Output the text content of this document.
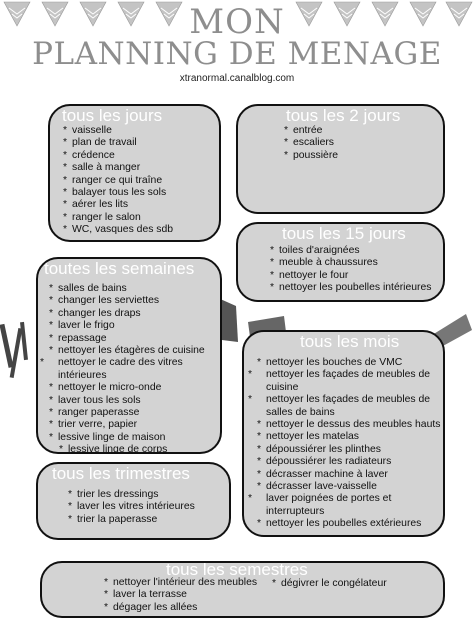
MON
PLANNING DE MENAGE
xtranormal.canalblog.com
tous les jours
* vaisselle
* plan de travail
* crédence
* salle à manger
* ranger ce qui traîne
* balayer tous les sols
* aérer les lits
* ranger le salon
* WC, vasques des sdb
tous les 2 jours
* entrée
* escaliers
* poussière
tous les 15 jours
* toiles d'araignées
* meuble à chaussures
* nettoyer le four
* nettoyer les poubelles intérieures
toutes les semaines
* salles de bains
* changer les serviettes
* changer les draps
* laver le frigo
* repassage
* nettoyer les étagères de cuisine
* nettoyer le cadre des vitres intérieures
* nettoyer le micro-onde
* laver tous les sols
* ranger paperasse
* trier verre, papier
* lessive linge de maison
* lessive linge de corps
tous les mois
* nettoyer les bouches de VMC
* nettoyer les façades de meubles de cuisine
* nettoyer les façades de meubles de salles de bains
* nettoyer le dessus des meubles hauts
* nettoyer les matelas
* dépoussiérer les plinthes
* dépoussiérer les radiateurs
* décrasser machine à laver
* décrasser lave-vaisselle
* laver poignées de portes et interrupteurs
* nettoyer les poubelles extérieures
tous les trimestres
* trier les dressings
* laver les vitres intérieures
* trier la paperasse
tous les semestres
* nettoyer l'intérieur des meubles
* laver la terrasse
* dégager les allées
* dégivrer le congélateur
